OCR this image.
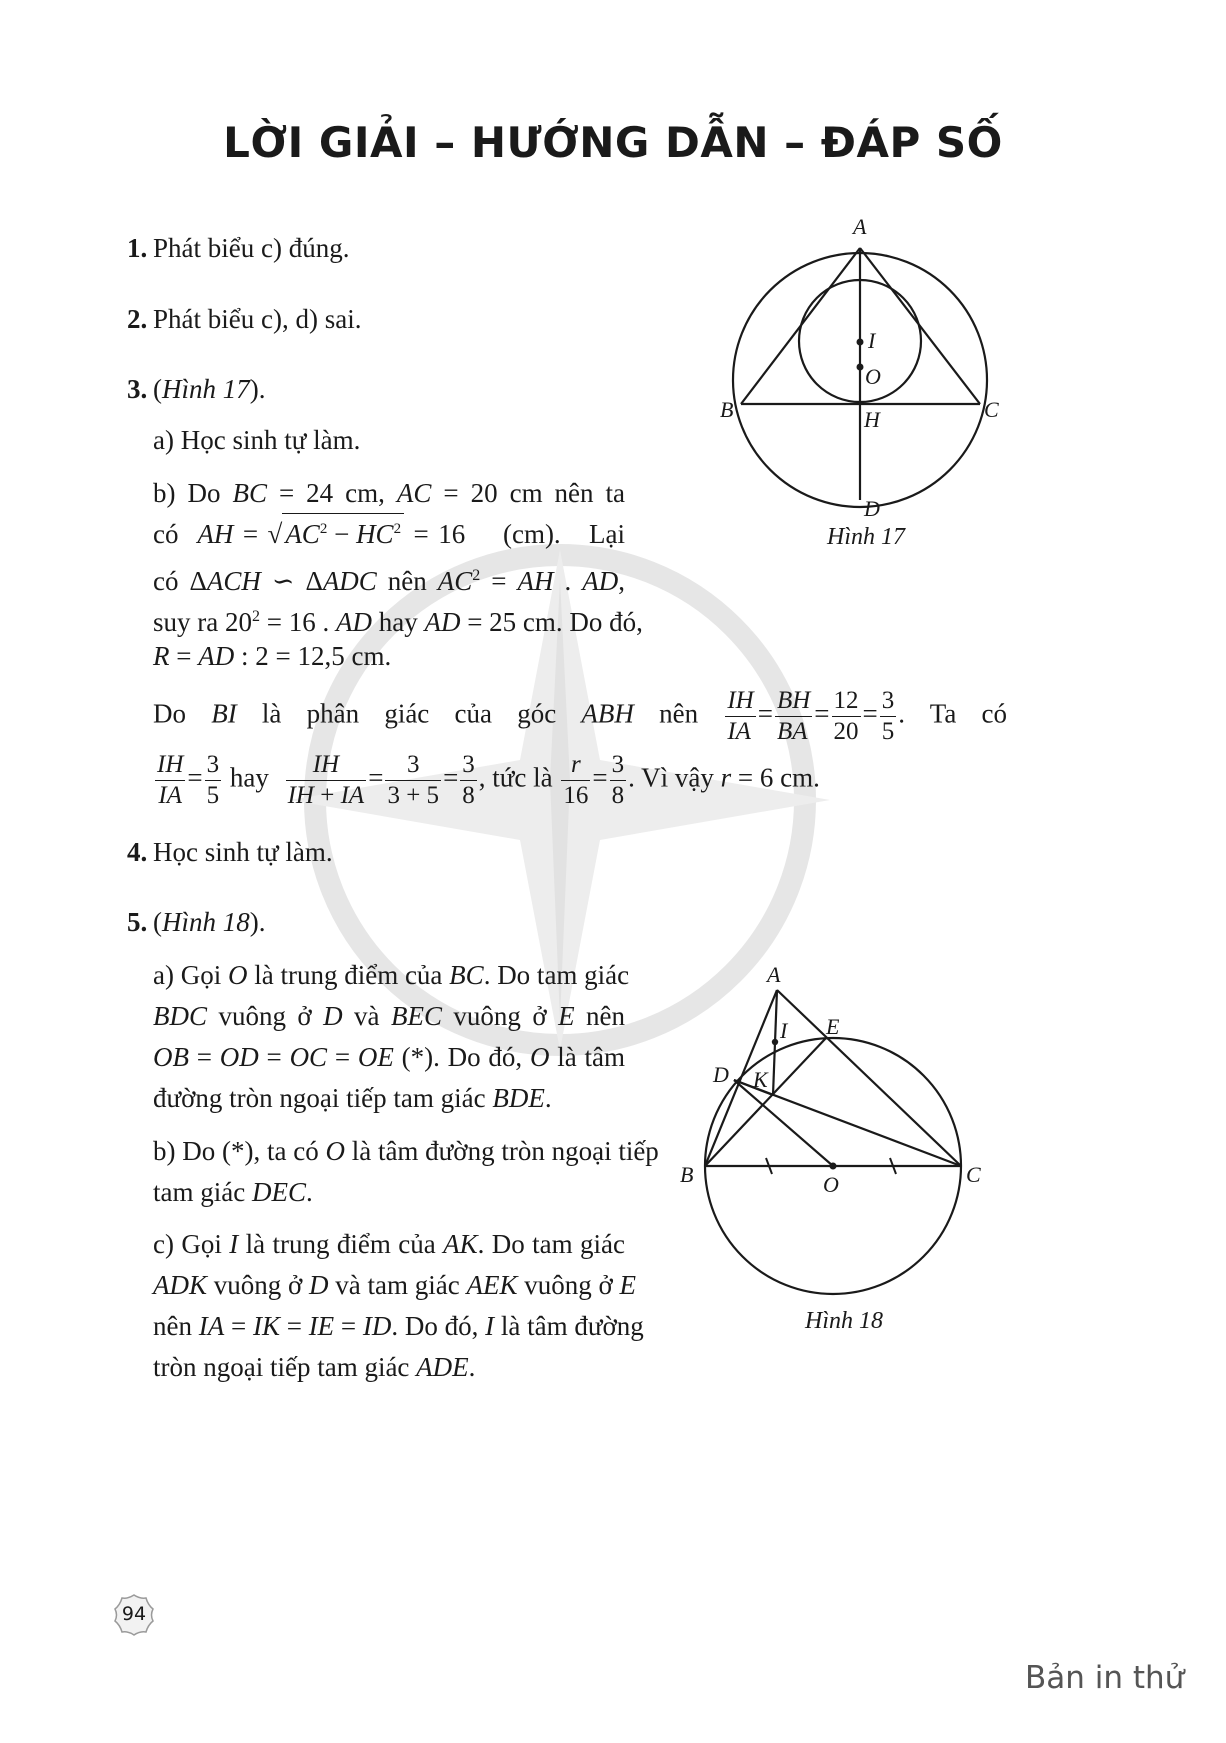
LỜI GIẢI – HƯỚNG DẪN – ĐÁP SỐ
1. Phát biểu c) đúng.
2. Phát biểu c), d) sai.
3. (Hình 17).
a) Học sinh tự làm.
b) Do BC = 24 cm, AC = 20 cm nên ta
có  AH = √ $AC^2 - HC^2 = 16$    (cm).   Lại
có ΔACH ∽ ΔADC nên $AC^2$ = AH . AD,
suy ra $20^2 = 16$ . AD hay AD = 25 cm. Do đó,
R = AD : 2 = 12,5 cm.
Do BI là phân giác của góc ABH nên $\frac{IH}{IA} = \frac{BH}{BA} = \frac{12}{20} = \frac{3}{5}$ . Ta có
$\frac{IH}{IA} = \frac{3}{5}$ hay $\frac{IH}{IH + IA} = \frac{3}{3 + 5} = \frac{3}{8}$ , tức là $\frac{r}{16} = \frac{3}{8}$ . Vì vậy r = 6 cm.
4. Học sinh tự làm.
5. (Hình 18).
a) Gọi O là trung điểm của BC. Do tam giác
BDC vuông ở D và BEC vuông ở E nên
OB = OD = OC = OE (*). Do đó, O là tâm
đường tròn ngoại tiếp tam giác BDE.
b) Do (*), ta có O là tâm đường tròn ngoại tiếp
tam giác DEC.
c) Gọi I là trung điểm của AK. Do tam giác
ADK vuông ở D và tam giác AEK vuông ở E
nên IA = IK = IE = ID. Do đó, I là tâm đường
tròn ngoại tiếp tam giác ADE.
A
B	C
D
H
I
O
Hình 17
A
B	C
D
E
I
K
O
Hình 18
94
Bản in thử
